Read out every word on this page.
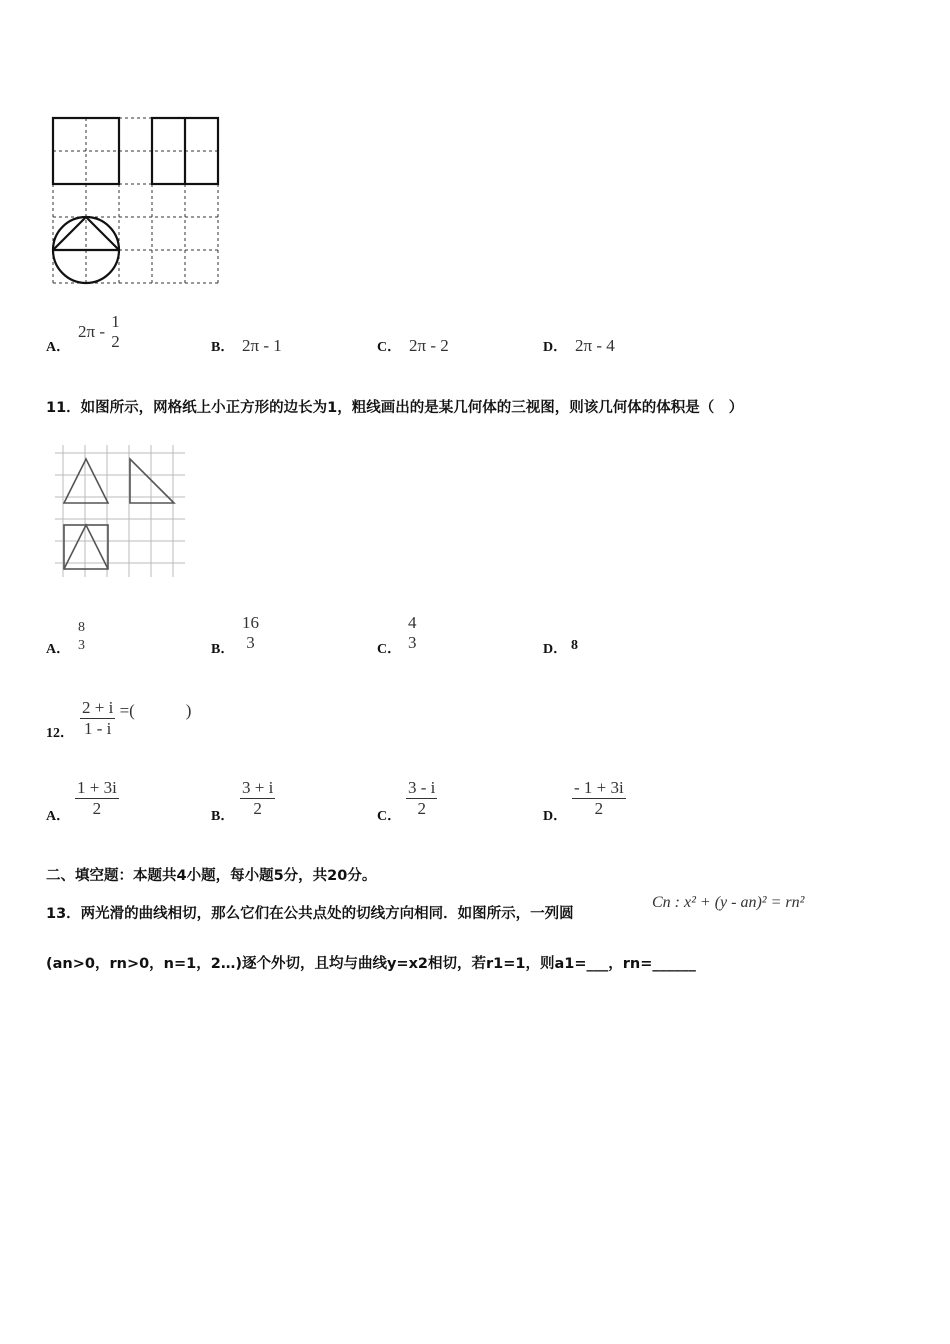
A．
2π -
1
2	B． 2π - 1	C． 2π - 2	D． 2π - 4
11．如图所示，网格纸上小正方形的边长为1，粗线画出的是某几何体的三视图，则该几何体的体积是（　）
A．
8
3	B．
16
3	C．
4
3	D． 8
12． $\frac{2 + i}{1 - i}$ =(　　　)
A． $\frac{1 + 3i}{2}$	B． $\frac{3 + i}{2}$	C． $\frac{3 - i}{2}$	D． $\frac{- 1 + 3i}{2}$
二、填空题：本题共4小题，每小题5分，共20分。
13．两光滑的曲线相切，那么它们在公共点处的切线方向相同．如图所示，一列圆
Cn : x² + (y - an)² = rn²
(an>0，rn>0，n=1，2…)逐个外切，且均与曲线y=x2相切，若r1=1，则a1=___，rn=______
